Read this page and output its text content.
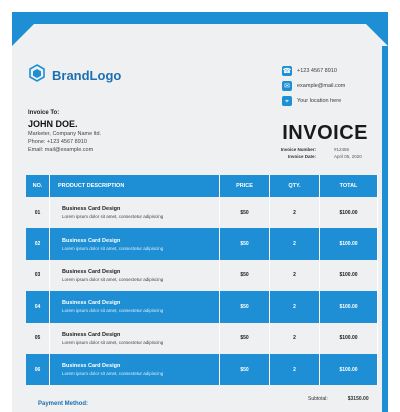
BrandLogo	☎ +123 4567 8910
✉	example@mail.com
⌖	Your location here
Invoice To:
JOHN DOE.
Marketer, Company Name ltd.
Phone: +123 4567 8910
Email: mail@example.com
INVOICE
Invoice Number:	#12456
Invoice Date:	April 05, 2020
NO.	PRODUCT DESCRIPTION	PRICE	QTY.	TOTAL
01	Business Card Design
Lorem ipsum dolor sit amet, consectetur adipiscing	$50	2	$100.00
02	Business Card Design
Lorem ipsum dolor sit amet, consectetur adipiscing	$50	2	$100.00
03	Business Card Design
Lorem ipsum dolor sit amet, consectetur adipiscing	$50	2	$100.00
04	Business Card Design
Lorem ipsum dolor sit amet, consectetur adipiscing	$50	2	$100.00
05	Business Card Design
Lorem ipsum dolor sit amet, consectetur adipiscing	$50	2	$100.00
06	Business Card Design
Lorem ipsum dolor sit amet, consectetur adipiscing	$50	2	$100.00
Payment Method:
Subtotal:	$3150.00
